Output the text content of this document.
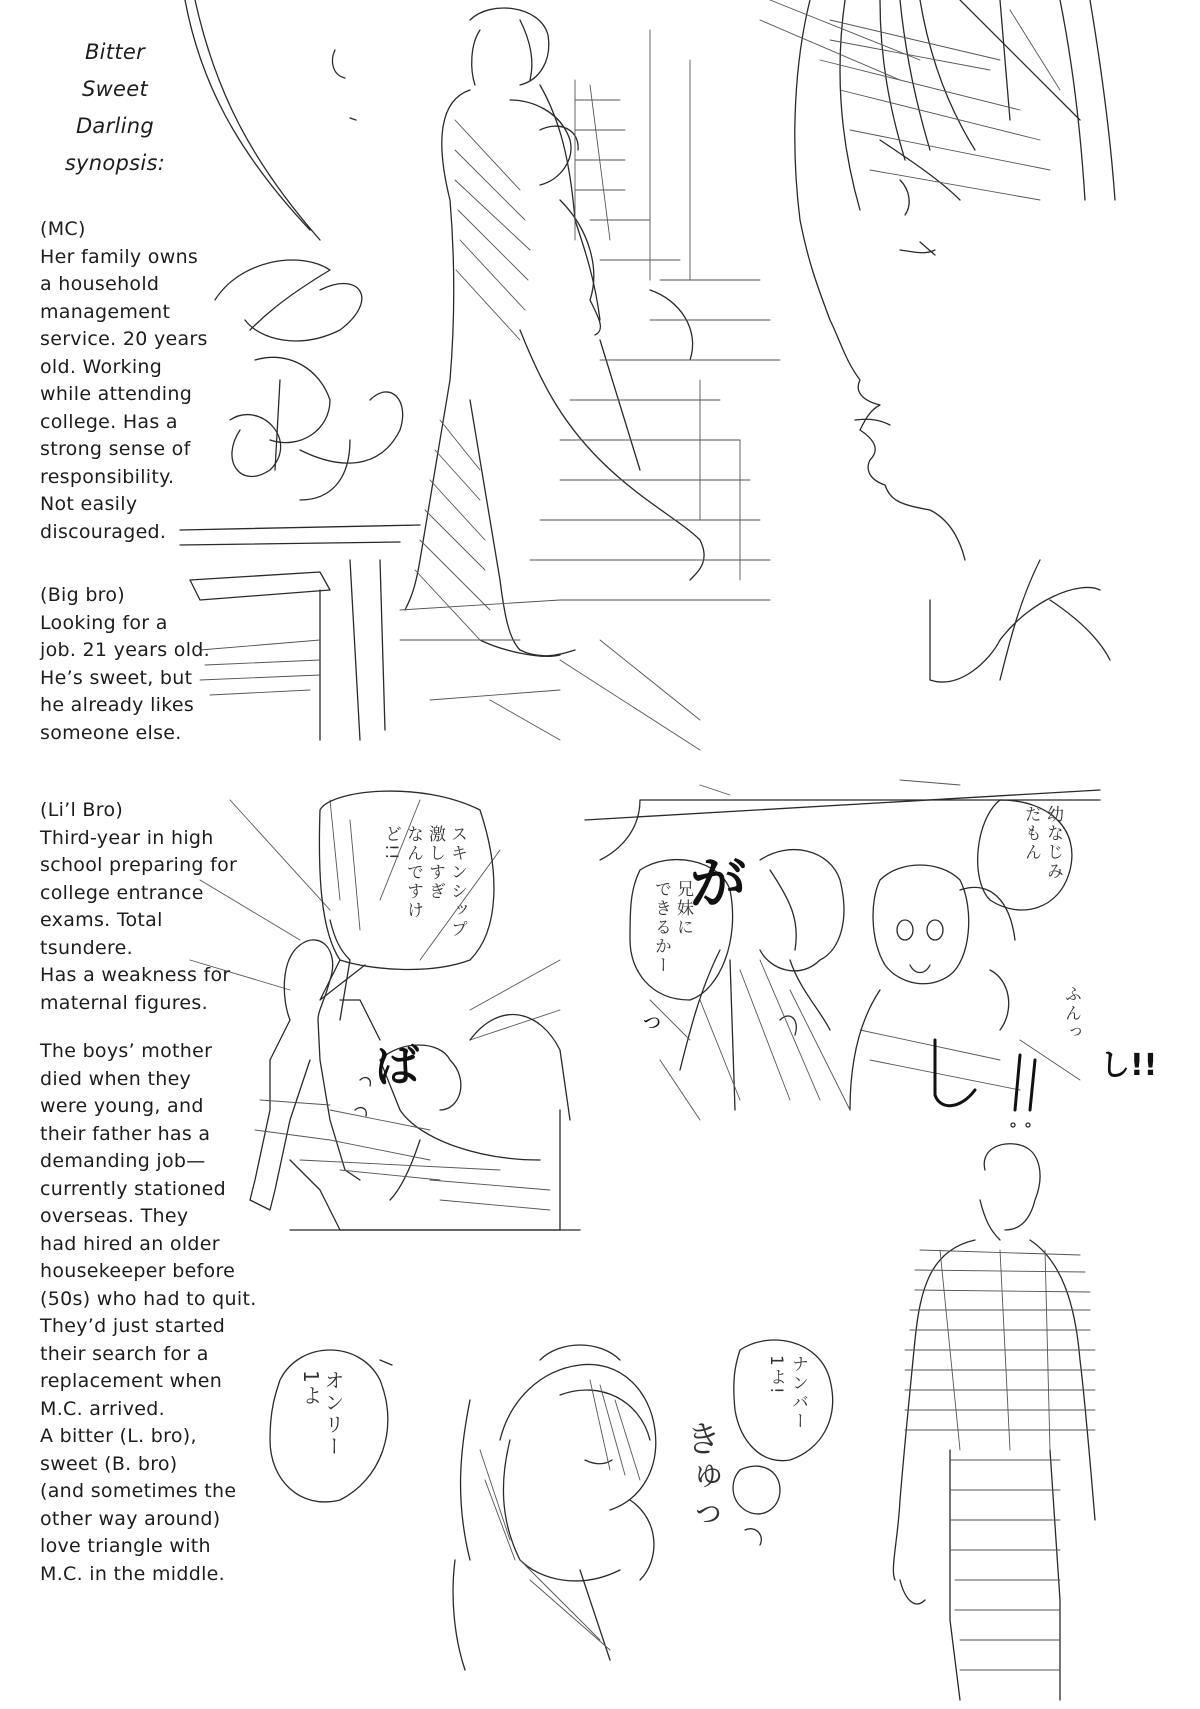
Bitter
Sweet
Darling
synopsis:
(MC)
Her family owns
a household
management
service. 20 years
old. Working
while attending
college. Has a
strong sense of
responsibility.
Not easily
discouraged.
(Big bro)
Looking for a
job. 21 years old.
He’s sweet, but
he already likes
someone else.
(Li’l Bro)
Third-year in high
school preparing for
college entrance
exams. Total tsundere.
Has a weakness for
maternal figures.
The boys’ mother
died when they
were young, and
their father has a
demanding job—
currently stationed
overseas. They
had hired an older
housekeeper before
(50s) who had to quit.
They’d just started
their search for a
replacement when
M.C. arrived.
A bitter (L. bro),
sweet (B. bro)
(and sometimes the
other way around)
love triangle with
M.C. in the middle.
スキンシップ
激しすぎ
なんですけど!!
ば
が
兄妹に
できるかー
幼なじみ
だもん
ふんっ
きゅっ
ナンバー
1よ!
オンリー
1よ
し!!
っ
